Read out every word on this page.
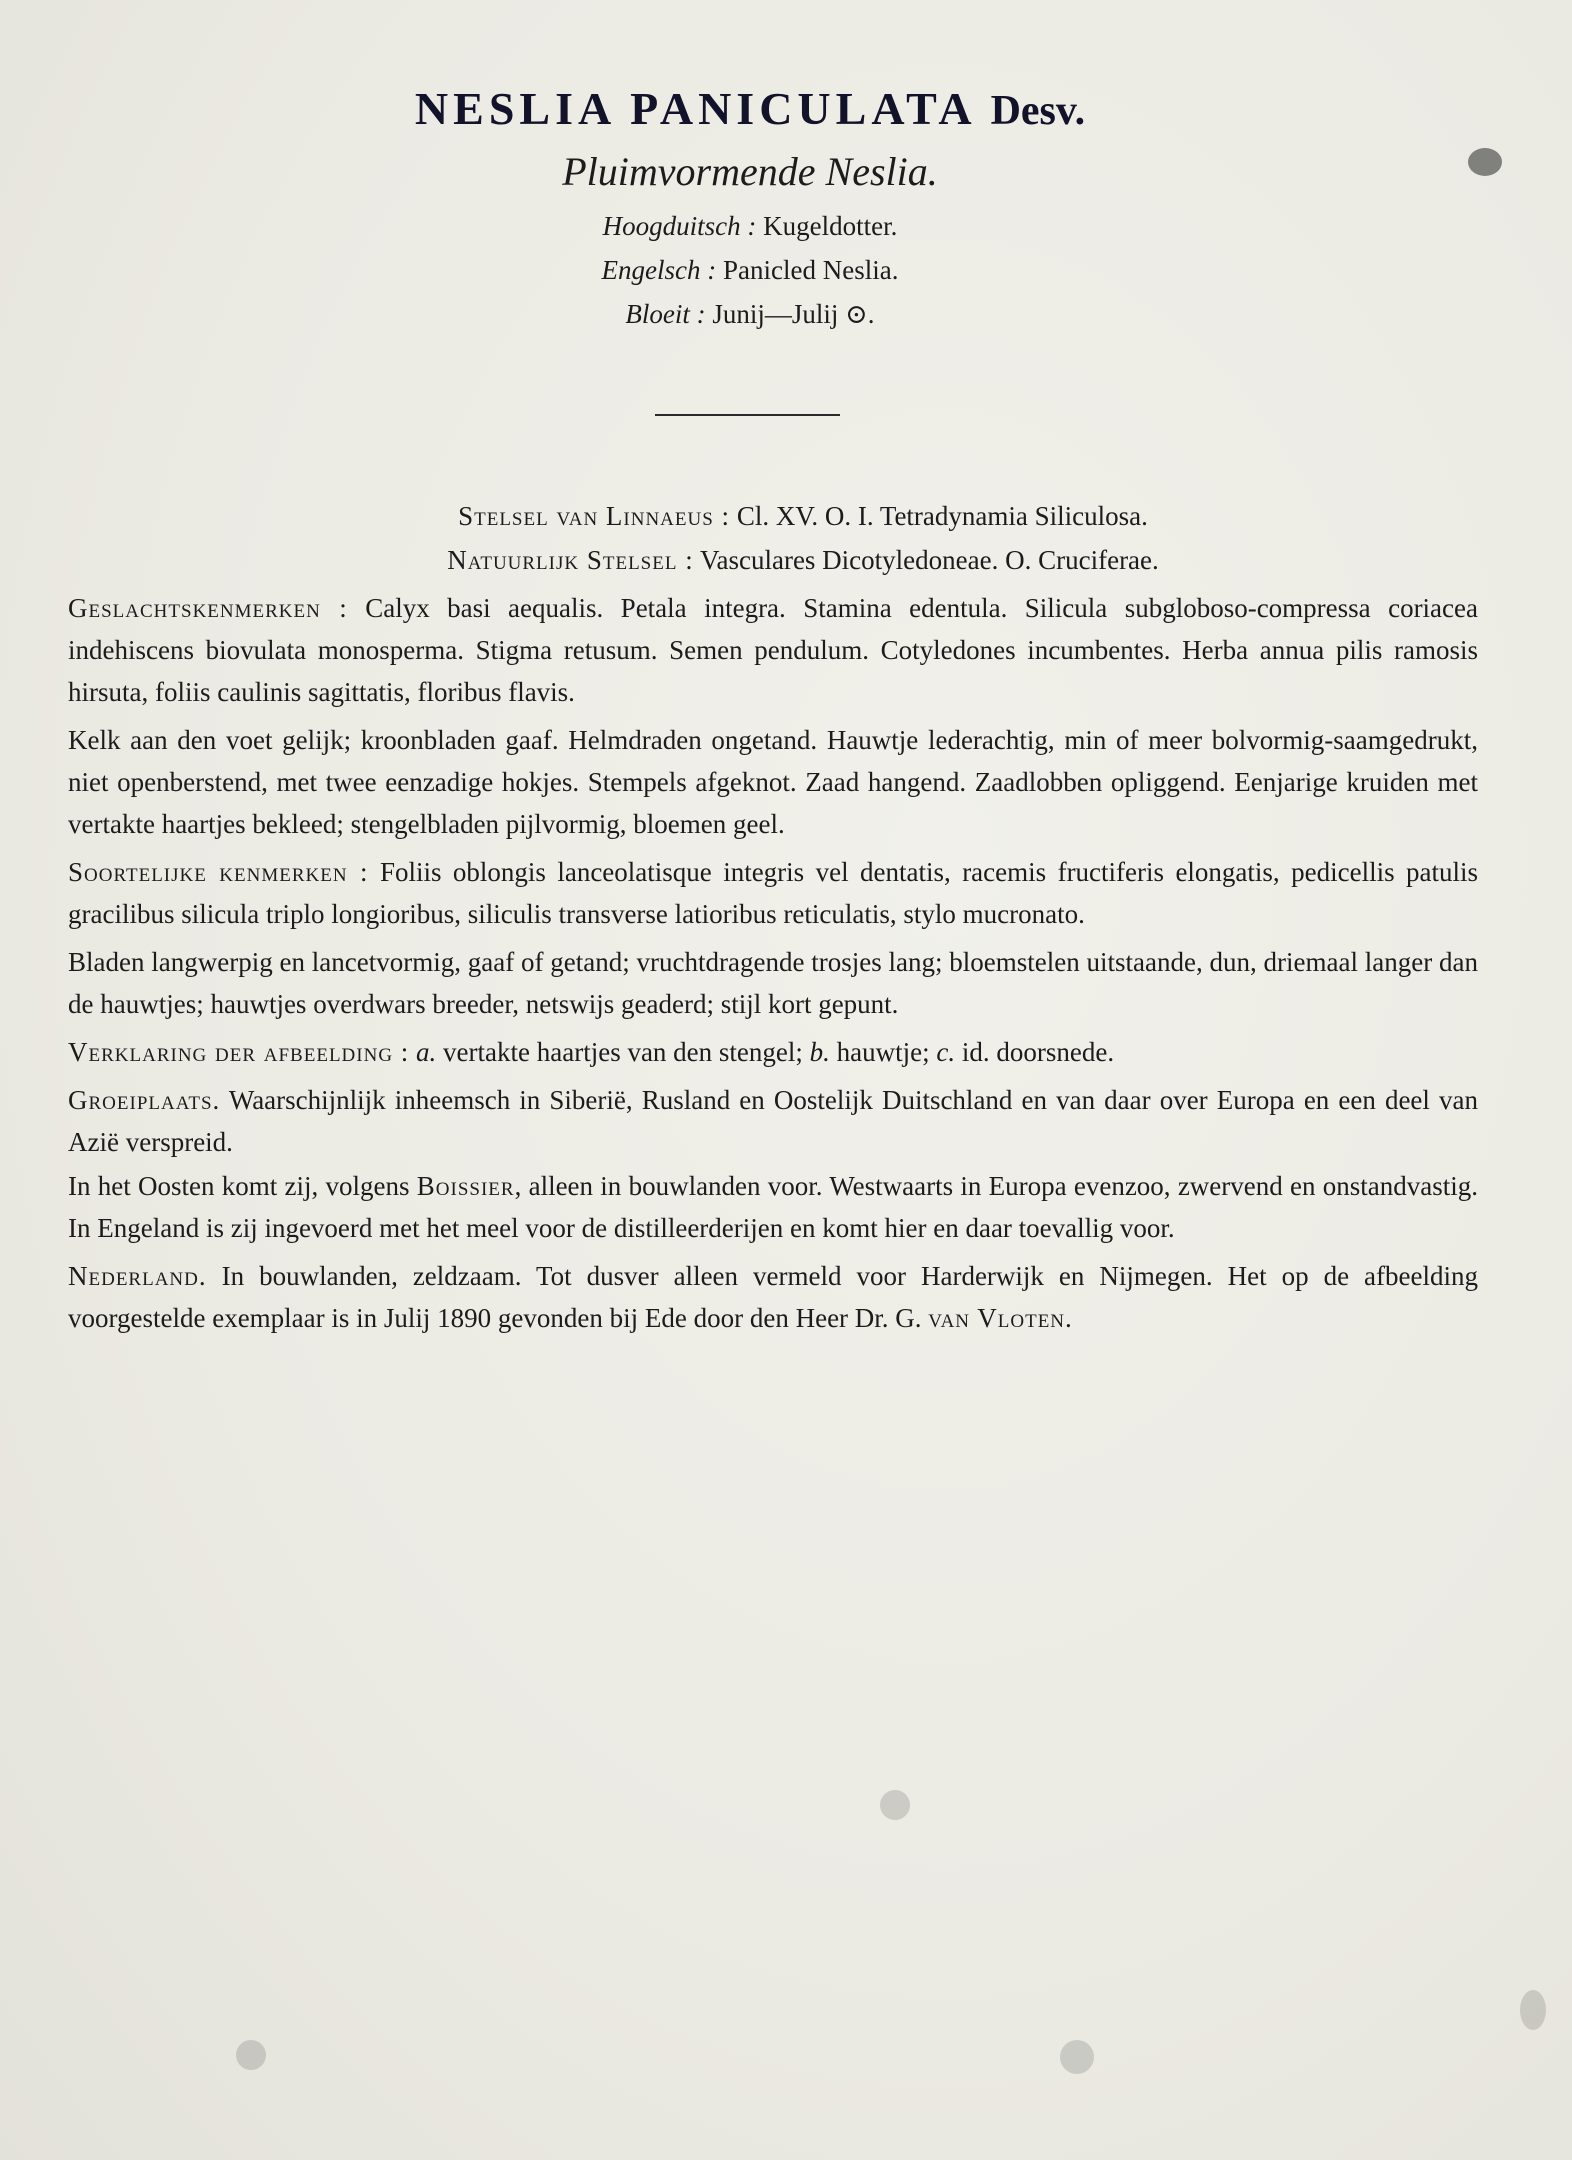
NESLIA PANICULATA Desv.
Pluimvormende Neslia.
Hoogduitsch : Kugeldotter.
Engelsch : Panicled Neslia.
Bloeit : Junij—Julij ⊙.

Stelsel van Linnaeus : Cl. XV. O. I. Tetradynamia Siliculosa.

Natuurlijk Stelsel : Vasculares Dicotyledoneae. O. Cruciferae.

Geslachtskenmerken : Calyx basi aequalis. Petala integra. Stamina edentula. Silicula subgloboso-compressa coriacea indehiscens biovulata monosperma. Stigma retusum. Semen pendulum. Cotyledones incumbentes. Herba annua pilis ramosis hirsuta, foliis caulinis sagittatis, floribus flavis.

Kelk aan den voet gelijk; kroonbladen gaaf. Helmdraden ongetand. Hauwtje lederachtig, min of meer bolvormig-saamgedrukt, niet openberstend, met twee eenzadige hokjes. Stempels afgeknot. Zaad hangend. Zaadlobben opliggend. Eenjarige kruiden met vertakte haartjes bekleed; stengelbladen pijlvormig, bloemen geel.

Soortelijke kenmerken : Foliis oblongis lanceolatisque integris vel dentatis, racemis fructiferis elongatis, pedicellis patulis gracilibus silicula triplo longioribus, siliculis transverse latioribus reticulatis, stylo mucronato.

Bladen langwerpig en lancetvormig, gaaf of getand; vruchtdragende trosjes lang; bloemstelen uitstaande, dun, driemaal langer dan de hauwtjes; hauwtjes overdwars breeder, netswijs geaderd; stijl kort gepunt.

Verklaring der afbeelding : a. vertakte haartjes van den stengel; b. hauwtje; c. id. doorsnede.

Groeiplaats. Waarschijnlijk inheemsch in Siberië, Rusland en Oostelijk Duitschland en van daar over Europa en een deel van Azië verspreid.

In het Oosten komt zij, volgens Boissier, alleen in bouwlanden voor. Westwaarts in Europa evenzoo, zwervend en onstandvastig. In Engeland is zij ingevoerd met het meel voor de distilleerderijen en komt hier en daar toevallig voor.

Nederland. In bouwlanden, zeldzaam. Tot dusver alleen vermeld voor Harderwijk en Nijmegen. Het op de afbeelding voorgestelde exemplaar is in Julij 1890 gevonden bij Ede door den Heer Dr. G. van Vloten.
